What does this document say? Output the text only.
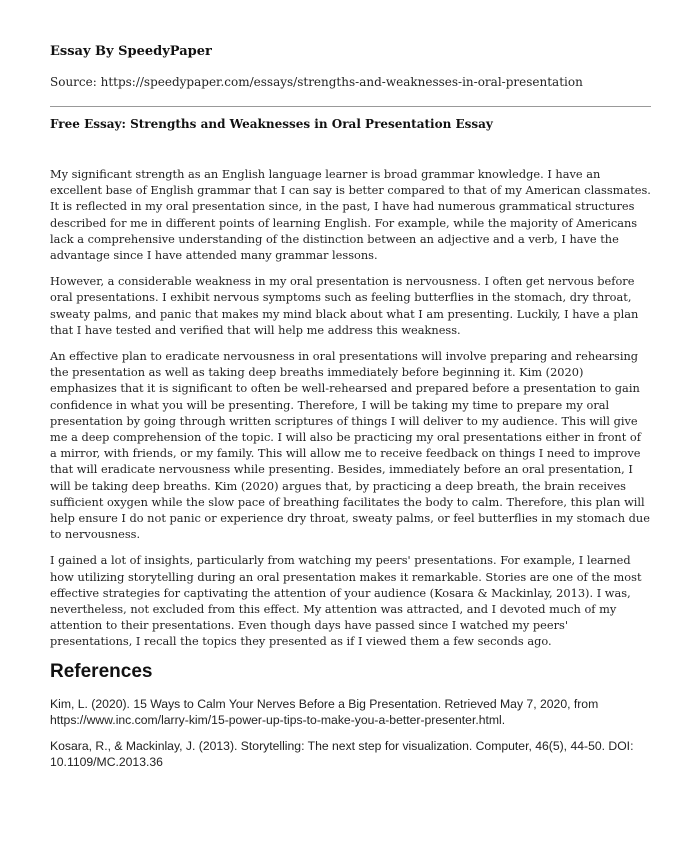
Essay By SpeedyPaper

Source: https://speedypaper.com/essays/strengths-and-weaknesses-in-oral-presentation

Free Essay: Strengths and Weaknesses in Oral Presentation Essay

My significant strength as an English language learner is broad grammar knowledge. I have an excellent base of English grammar that I can say is better compared to that of my American classmates. It is reflected in my oral presentation since, in the past, I have had numerous grammatical structures described for me in different points of learning English. For example, while the majority of Americans lack a comprehensive understanding of the distinction between an adjective and a verb, I have the advantage since I have attended many grammar lessons.

However, a considerable weakness in my oral presentation is nervousness. I often get nervous before oral presentations. I exhibit nervous symptoms such as feeling butterflies in the stomach, dry throat, sweaty palms, and panic that makes my mind black about what I am presenting. Luckily, I have a plan that I have tested and verified that will help me address this weakness.

An effective plan to eradicate nervousness in oral presentations will involve preparing and rehearsing the presentation as well as taking deep breaths immediately before beginning it. Kim (2020) emphasizes that it is significant to often be well-rehearsed and prepared before a presentation to gain confidence in what you will be presenting. Therefore, I will be taking my time to prepare my oral presentation by going through written scriptures of things I will deliver to my audience. This will give me a deep comprehension of the topic. I will also be practicing my oral presentations either in front of a mirror, with friends, or my family. This will allow me to receive feedback on things I need to improve that will eradicate nervousness while presenting. Besides, immediately before an oral presentation, I will be taking deep breaths. Kim (2020) argues that, by practicing a deep breath, the brain receives sufficient oxygen while the slow pace of breathing facilitates the body to calm. Therefore, this plan will help ensure I do not panic or experience dry throat, sweaty palms, or feel butterflies in my stomach due to nervousness.

I gained a lot of insights, particularly from watching my peers' presentations. For example, I learned how utilizing storytelling during an oral presentation makes it remarkable. Stories are one of the most effective strategies for captivating the attention of your audience (Kosara & Mackinlay, 2013). I was, nevertheless, not excluded from this effect. My attention was attracted, and I devoted much of my attention to their presentations. Even though days have passed since I watched my peers' presentations, I recall the topics they presented as if I viewed them a few seconds ago.

References

Kim, L. (2020). 15 Ways to Calm Your Nerves Before a Big Presentation. Retrieved May 7, 2020, from https://www.inc.com/larry-kim/15-power-up-tips-to-make-you-a-better-presenter.html.

Kosara, R., & Mackinlay, J. (2013). Storytelling: The next step for visualization. Computer, 46(5), 44-50. DOI: 10.1109/MC.2013.36
